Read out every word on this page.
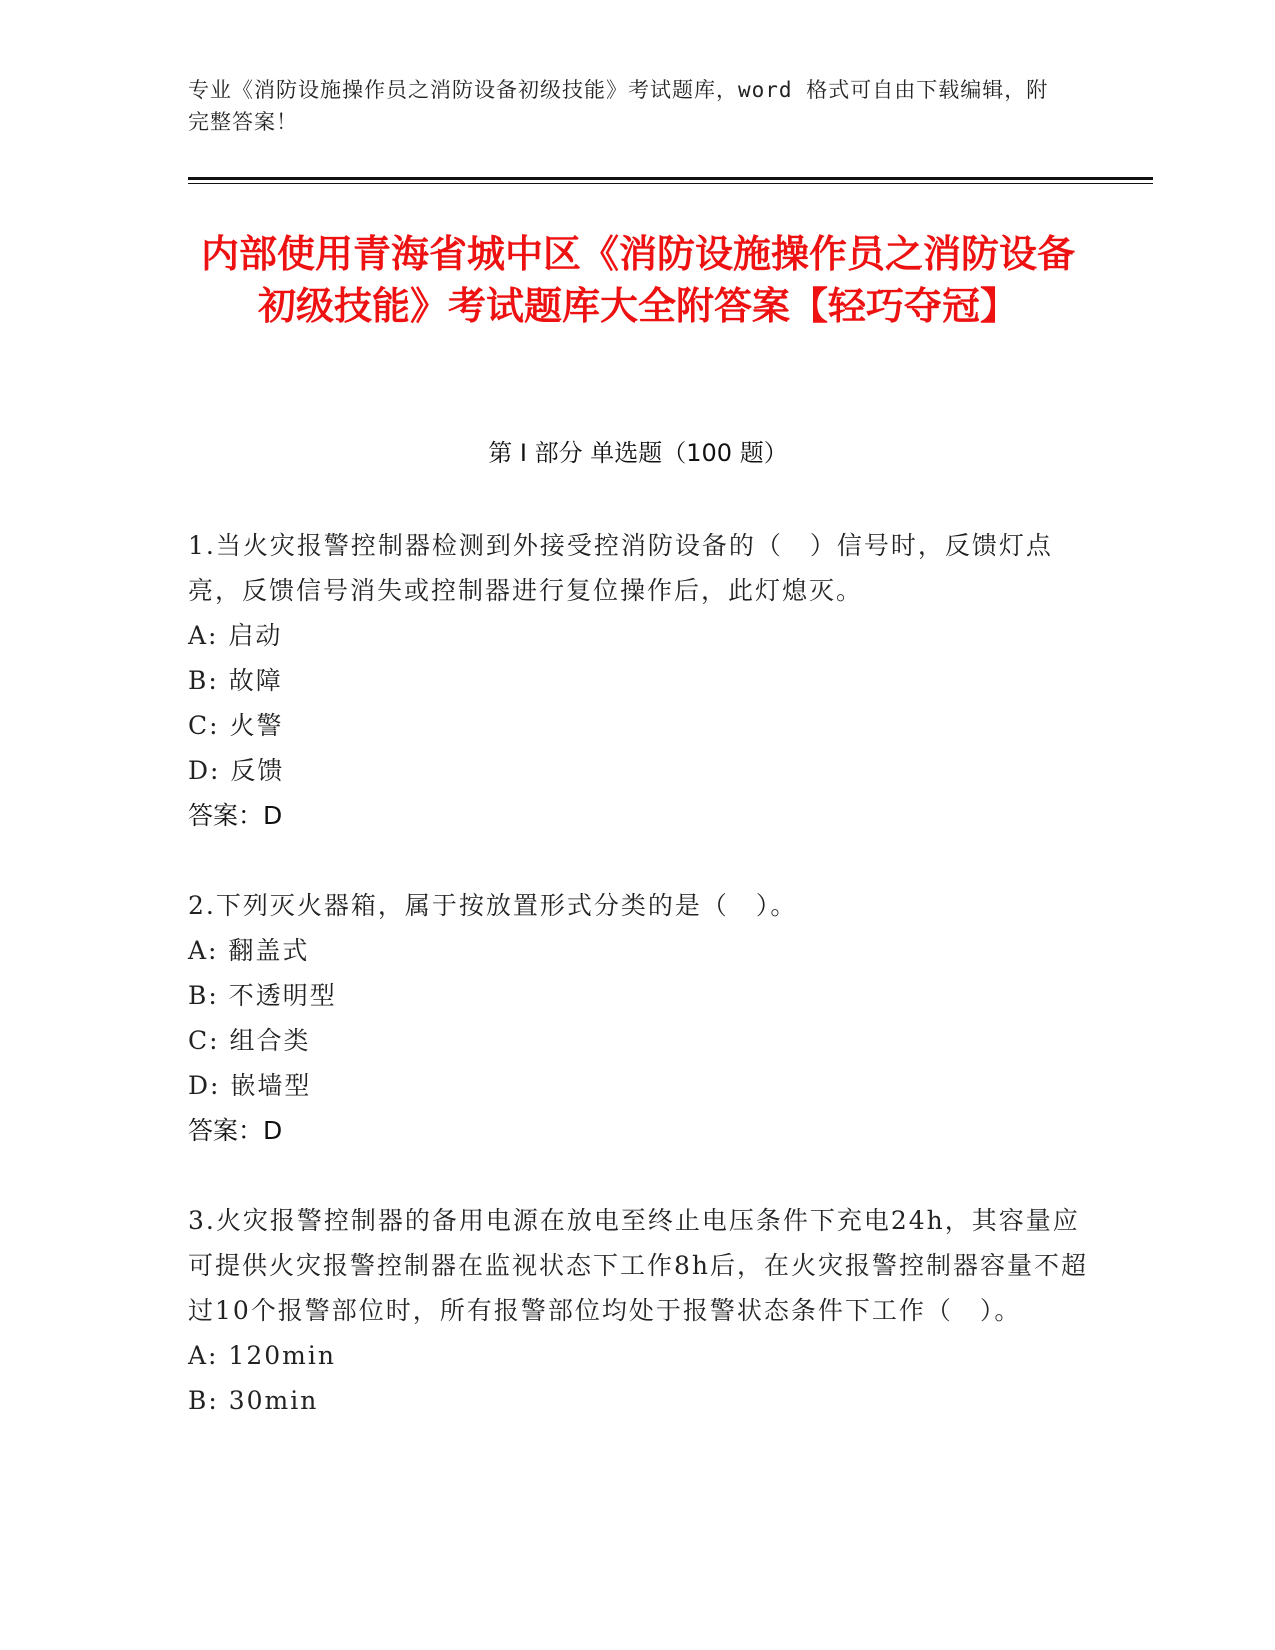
专业《消防设施操作员之消防设备初级技能》考试题库，word 格式可自由下载编辑，附完整答案！
内部使用青海省城中区《消防设施操作员之消防设备初级技能》考试题库大全附答案【轻巧夺冠】
第 I 部分 单选题（100 题）
1.当火灾报警控制器检测到外接受控消防设备的（　）信号时，反馈灯点亮，反馈信号消失或控制器进行复位操作后，此灯熄灭。
A: 启动
B: 故障
C: 火警
D: 反馈
答案：D
2.下列灭火器箱，属于按放置形式分类的是（　）。
A: 翻盖式
B: 不透明型
C: 组合类
D: 嵌墙型
答案：D
3.火灾报警控制器的备用电源在放电至终止电压条件下充电24h，其容量应可提供火灾报警控制器在监视状态下工作8h后，在火灾报警控制器容量不超过10个报警部位时，所有报警部位均处于报警状态条件下工作（　）。
A: 120min
B: 30min
